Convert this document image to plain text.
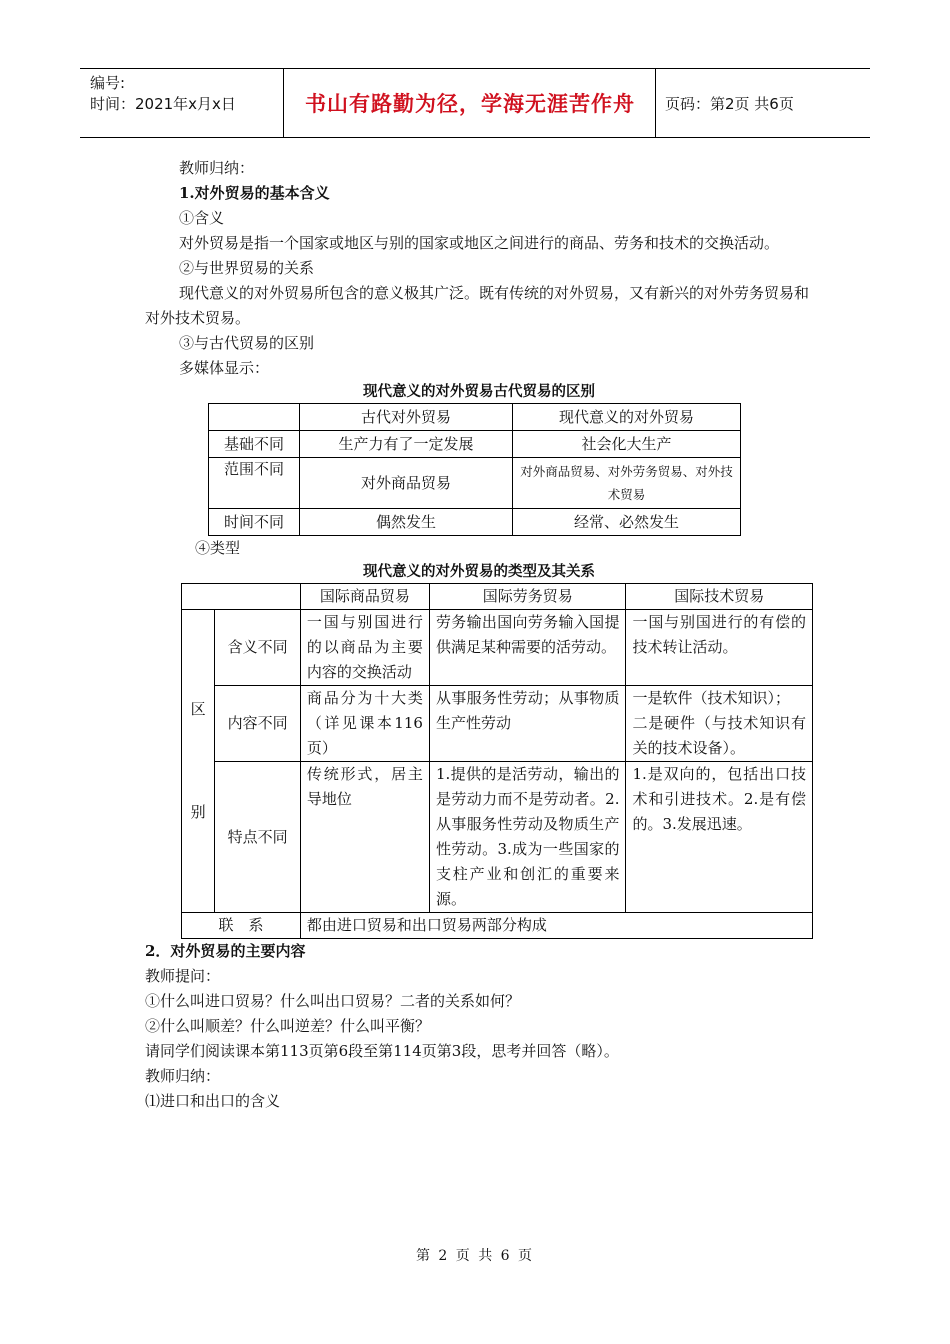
编号:
时间：2021年x月x日	书山有路勤为径，学海无涯苦作舟	页码：第2页 共6页

教师归纳：

1.对外贸易的基本含义

①含义

对外贸易是指一个国家或地区与别的国家或地区之间进行的商品、劳务和技术的交换活动。

②与世界贸易的关系

现代意义的对外贸易所包含的意义极其广泛。既有传统的对外贸易，又有新兴的对外劳务贸易和对外技术贸易。

③与古代贸易的区别

多媒体显示：

现代意义的对外贸易古代贸易的区别
	古代对外贸易	现代意义的对外贸易
基础不同	生产力有了一定发展	社会化大生产
范围不同	对外商品贸易	对外商品贸易、对外劳务贸易、对外技术贸易
时间不同	偶然发生	经常、必然发生

④类型

现代意义的对外贸易的类型及其关系
		国际商品贸易	国际劳务贸易	国际技术贸易

区
别	含义不同	一国与别国进行的以商品为主要内容的交换活动	劳务输出国向劳务输入国提供满足某种需要的活劳动。	一国与别国进行的有偿的技术转让活动。
	内容不同	商品分为十大类（详见课本116页）	从事服务性劳动；从事物质生产性劳动	一是软件（技术知识）；
二是硬件（与技术知识有关的技术设备）。

	特点不同	传统形式，居主导地位	1.提供的是活劳动，输出的是劳动力而不是劳动者。2.从事服务性劳动及物质生产性劳动。3.成为一些国家的支柱产业和创汇的重要来源。	1.是双向的，包括出口技术和引进技术。2.是有偿的。3.发展迅速。
联　系		都由进口贸易和出口贸易两部分构成		

2．对外贸易的主要内容

教师提问：

①什么叫进口贸易？什么叫出口贸易？二者的关系如何？

②什么叫顺差？什么叫逆差？什么叫平衡？

请同学们阅读课本第113页第6段至第114页第3段，思考并回答（略）。

教师归纳：

⑴进口和出口的含义

第 2 页 共 6 页
